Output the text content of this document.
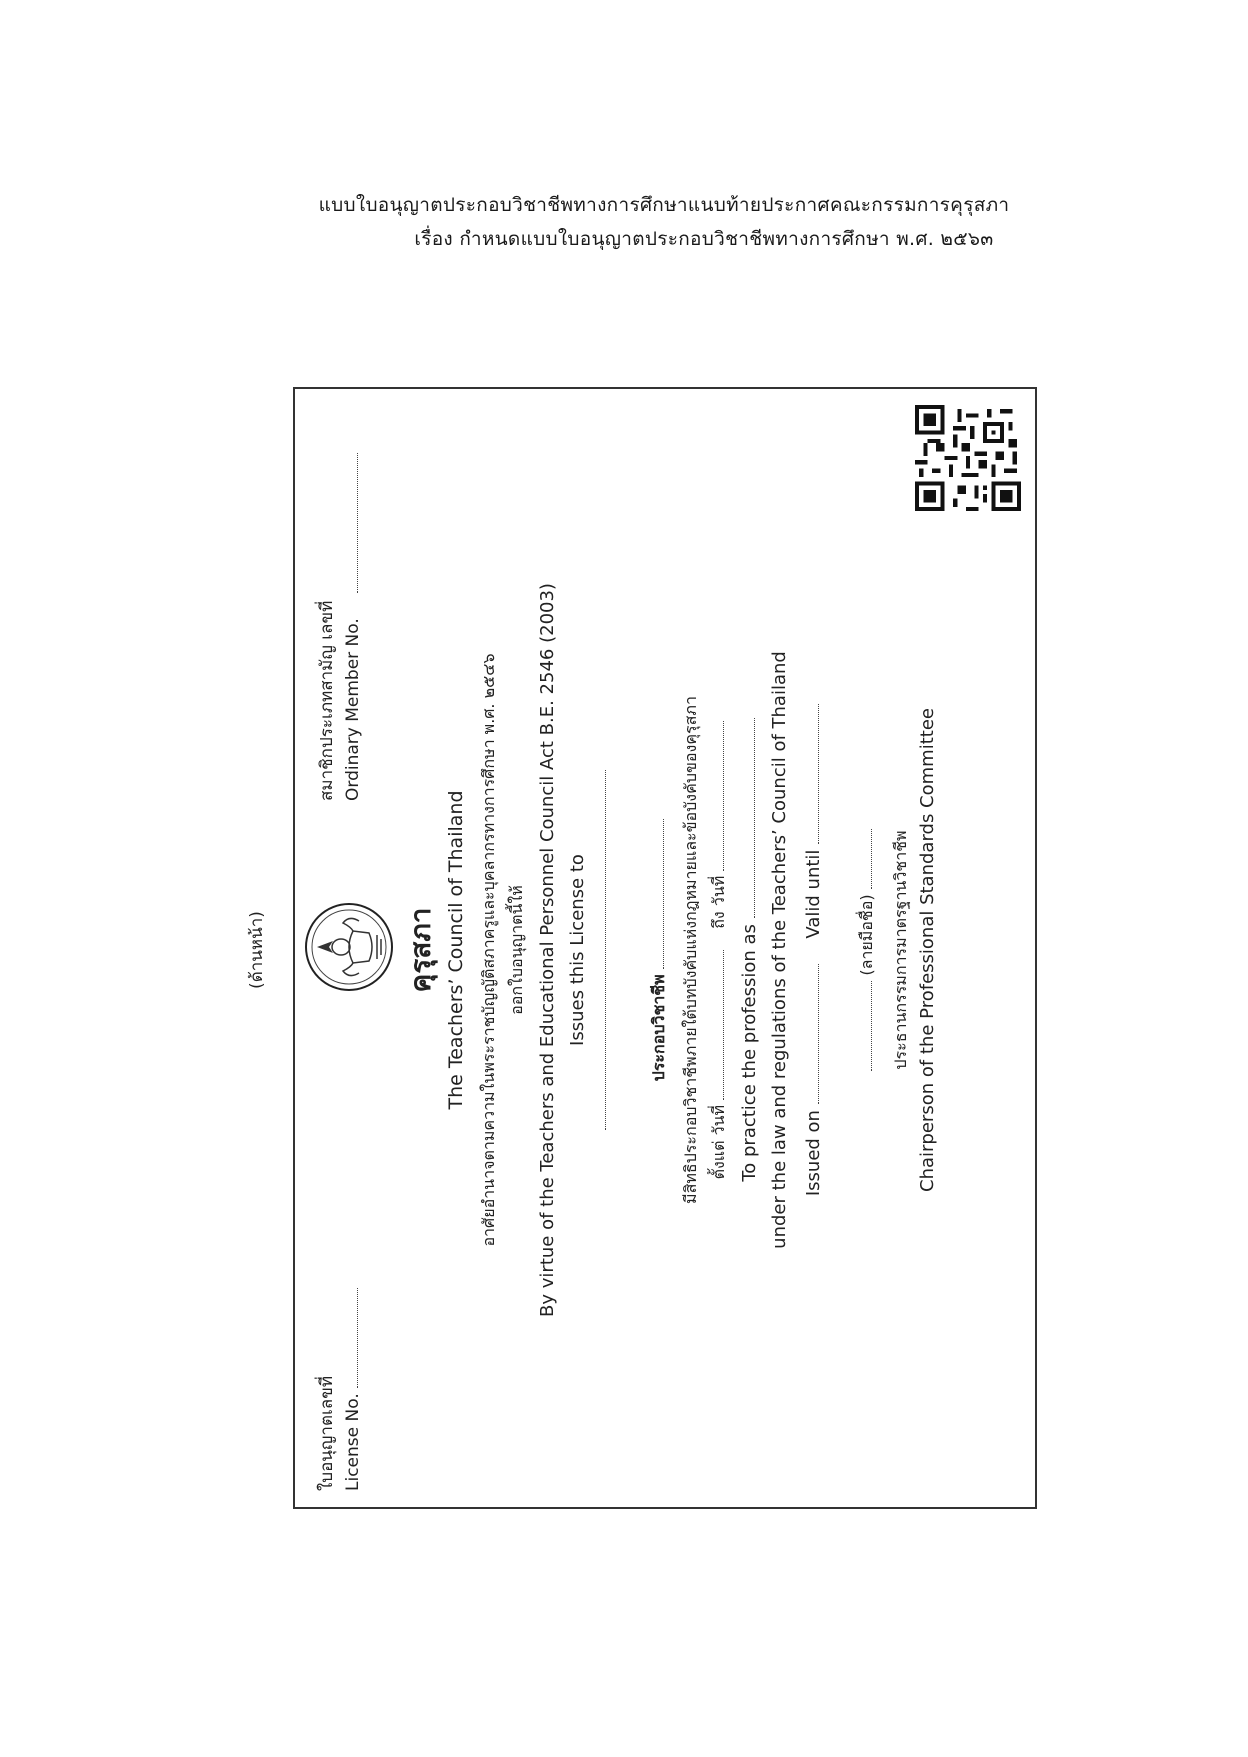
แบบใบอนุญาตประกอบวิชาชีพทางการศึกษาแนบท้ายประกาศคณะกรรมการคุรุสภา
เรื่อง กำหนดแบบใบอนุญาตประกอบวิชาชีพทางการศึกษา พ.ศ. ๒๕๖๓
(ด้านหน้า)
ใบอนุญาตเลขที่ License No.
สมาชิกประเภทสามัญ เลขที่ Ordinary Member No.
คุรุสภา The Teachers’ Council of Thailand อาศัยอำนาจตามความในพระราชบัญญัติสภาครูและบุคลากรทางการศึกษา พ.ศ. ๒๕๔๖ ออกใบอนุญาตนี้ให้ By virtue of the Teachers and Educational Personnel Council Act B.E. 2546 (2003) Issues this License to	ประกอบวิชาชีพ มีสิทธิประกอบวิชาชีพภายใต้บทบังคับแห่งกฎหมายและข้อบังคับของคุรุสภา ตั้งแต่ วันที่  ถึง วันที่
To practice the profession as under the law and regulations of the Teachers’ Council of Thailand Issued on  Valid until (ลายมือชื่อ) ประธานกรรมการมาตรฐานวิชาชีพ Chairperson of the Professional Standards Committee
